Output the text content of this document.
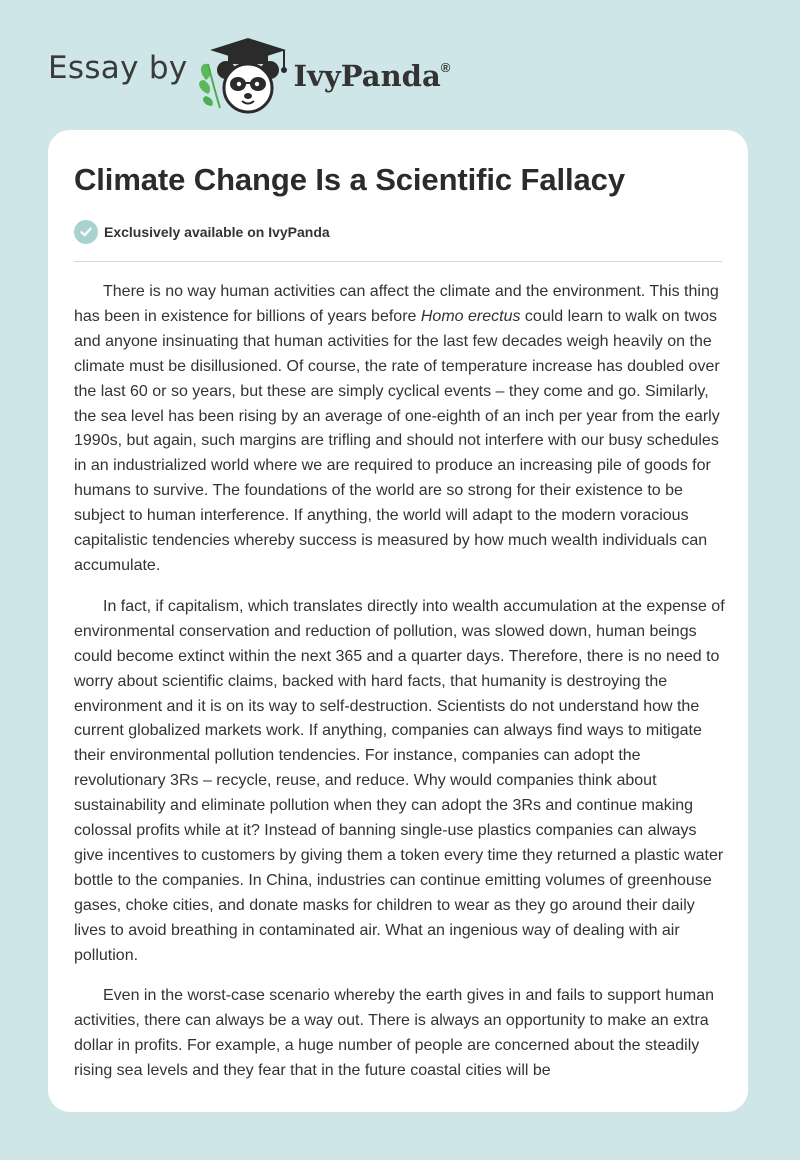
Essay by	IvyPanda®
Climate Change Is a Scientific Fallacy
Exclusively available on IvyPanda

There is no way human activities can affect the climate and the environment. This thing has been in existence for billions of years before Homo erectus could learn to walk on twos and anyone insinuating that human activities for the last few decades weigh heavily on the climate must be disillusioned. Of course, the rate of temperature increase has doubled over the last 60 or so years, but these are simply cyclical events – they come and go. Similarly, the sea level has been rising by an average of one-eighth of an inch per year from the early 1990s, but again, such margins are trifling and should not interfere with our busy schedules in an industrialized world where we are required to produce an increasing pile of goods for humans to survive. The foundations of the world are so strong for their existence to be subject to human interference. If anything, the world will adapt to the modern voracious capitalistic tendencies whereby success is measured by how much wealth individuals can accumulate.

In fact, if capitalism, which translates directly into wealth accumulation at the expense of environmental conservation and reduction of pollution, was slowed down, human beings could become extinct within the next 365 and a quarter days. Therefore, there is no need to worry about scientific claims, backed with hard facts, that humanity is destroying the environment and it is on its way to self-destruction. Scientists do not understand how the current globalized markets work. If anything, companies can always find ways to mitigate their environmental pollution tendencies. For instance, companies can adopt the revolutionary 3Rs – recycle, reuse, and reduce. Why would companies think about sustainability and eliminate pollution when they can adopt the 3Rs and continue making colossal profits while at it? Instead of banning single-use plastics companies can always give incentives to customers by giving them a token every time they returned a plastic water bottle to the companies. In China, industries can continue emitting volumes of greenhouse gases, choke cities, and donate masks for children to wear as they go around their daily lives to avoid breathing in contaminated air. What an ingenious way of dealing with air pollution.

Even in the worst-case scenario whereby the earth gives in and fails to support human activities, there can always be a way out. There is always an opportunity to make an extra dollar in profits. For example, a huge number of people are concerned about the steadily rising sea levels and they fear that in the future coastal cities will be
